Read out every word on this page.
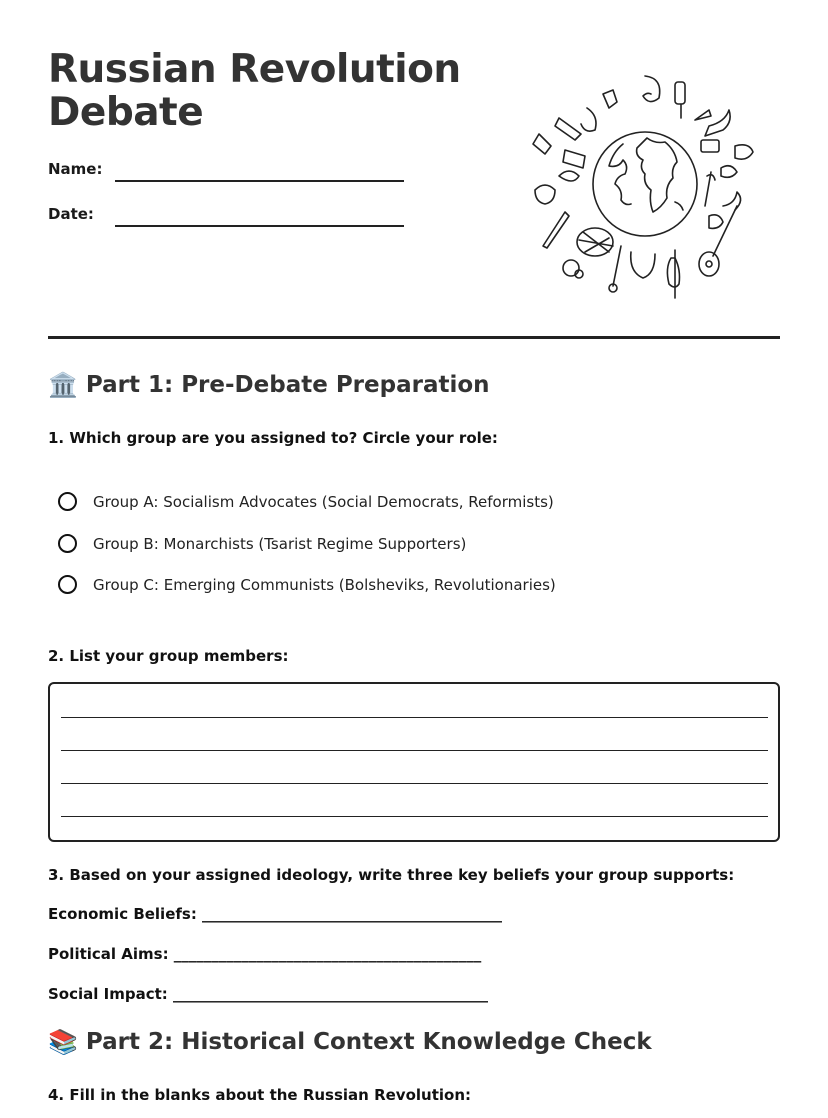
Russian Revolution
Debate
Name:
Date:
🏛️ Part 1: Pre-Debate Preparation
1. Which group are you assigned to? Circle your role:
Group A: Socialism Advocates (Social Democrats, Reformists)
Group B: Monarchists (Tsarist Regime Supporters)
Group C: Emerging Communists (Bolsheviks, Revolutionaries)
2. List your group members:
3. Based on your assigned ideology, write three key beliefs your group supports:
Economic Beliefs: ________________________________________
Political Aims: _________________________________________
Social Impact: __________________________________________
📚 Part 2: Historical Context Knowledge Check
4. Fill in the blanks about the Russian Revolution:
